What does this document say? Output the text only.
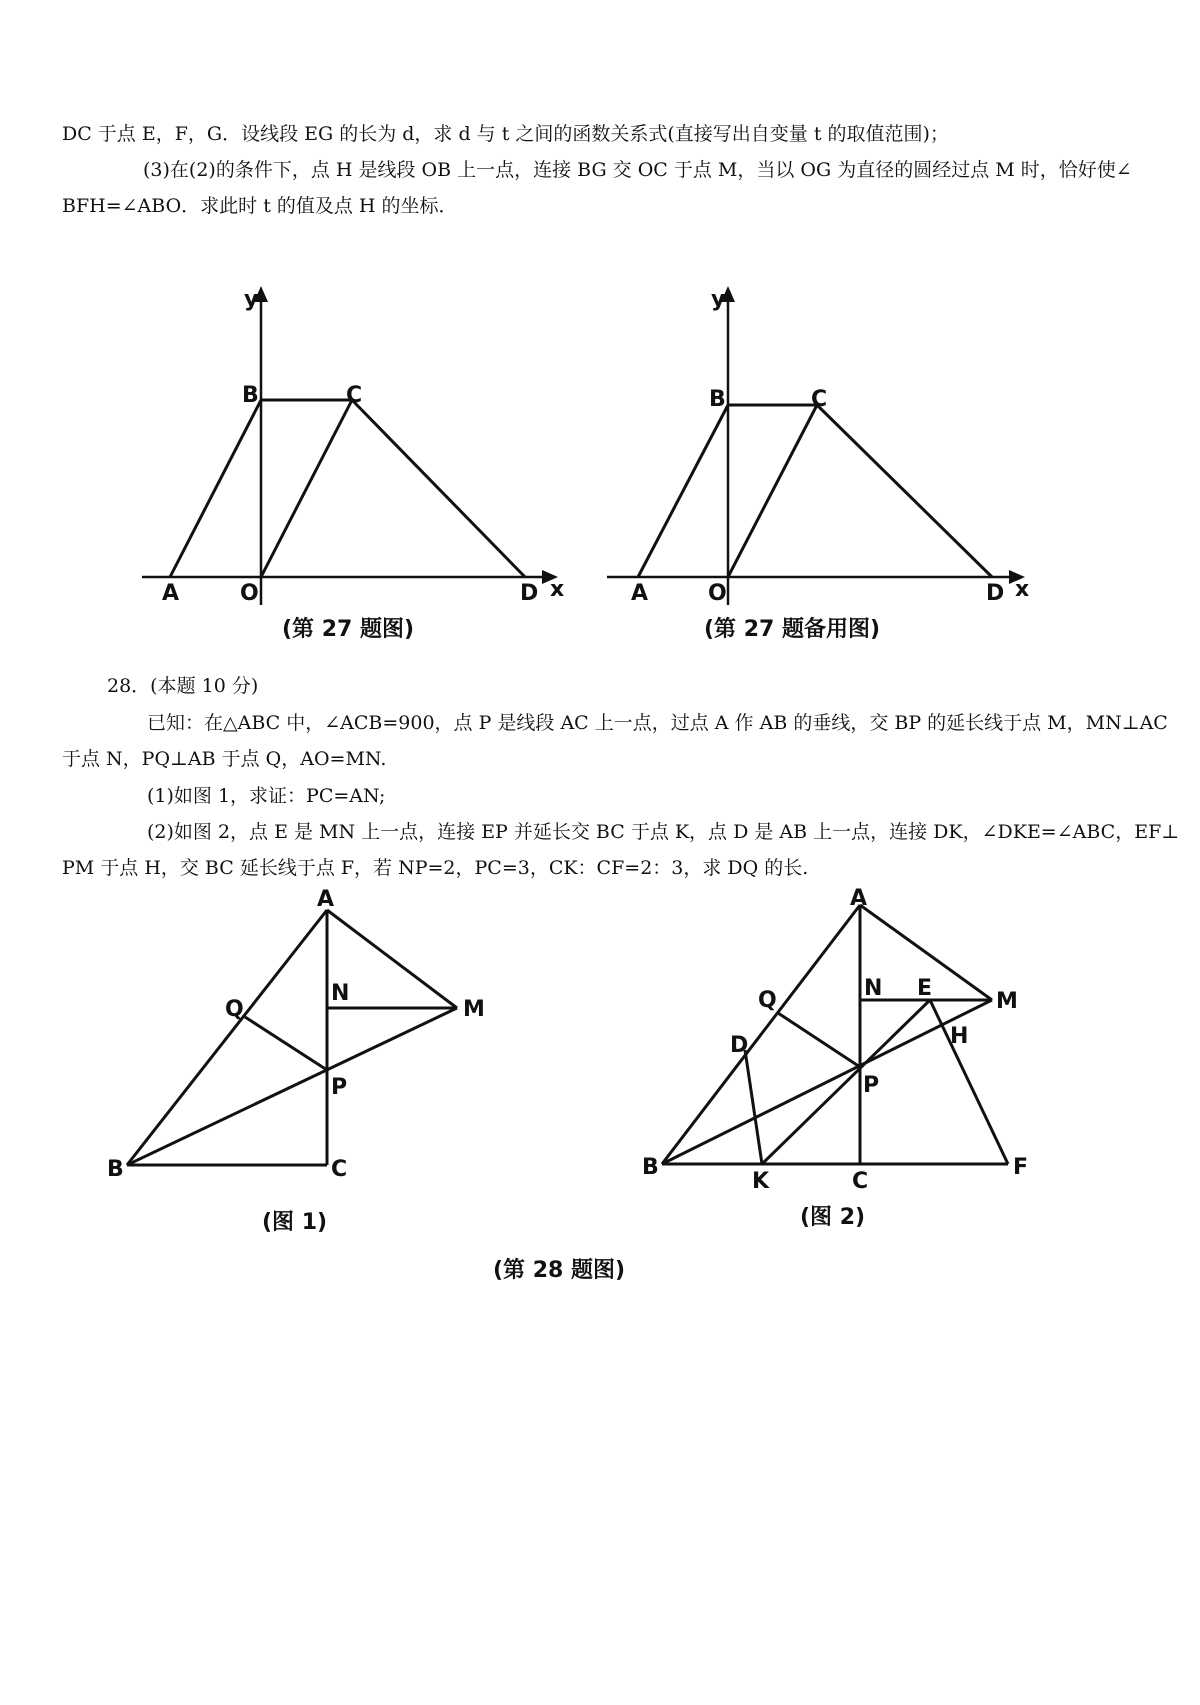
DC 于点 E，F，G．设线段 EG 的长为 d，求 d 与 t 之间的函数关系式(直接写出自变量 t 的取值范围)；

(3)在(2)的条件下，点 H 是线段 OB 上一点，连接 BG 交 OC 于点 M，当以 OG 为直径的圆经过点 M 时，恰好使∠

BFH=∠ABO．求此时 t 的值及点 H 的坐标．

y
x
A
B	C
O	D
(第 27 题图)
y
x
A
B	C
O	D
(第 27 题备用图)

28．(本题 10 分)

已知：在△ABC 中，∠ACB=900，点 P 是线段 AC 上一点，过点 A 作 AB 的垂线，交 BP 的延长线于点 M，MN⊥AC

于点 N，PQ⊥AB 于点 Q，AO=MN.

(1)如图 1，求证：PC=AN;

(2)如图 2，点 E 是 MN 上一点，连接 EP 并延长交 BC 于点 K，点 D 是 AB 上一点，连接 DK，∠DKE=∠ABC，EF⊥

PM 于点 H，交 BC 延长线于点 F，若 NP=2，PC=3，CK：CF=2：3，求 DQ 的长.

A
Q
N
M
P
B	C
(图 1)
A
Q	N E
M
D	H
P
B
K	C
F
(图 2)
(第 28 题图)
